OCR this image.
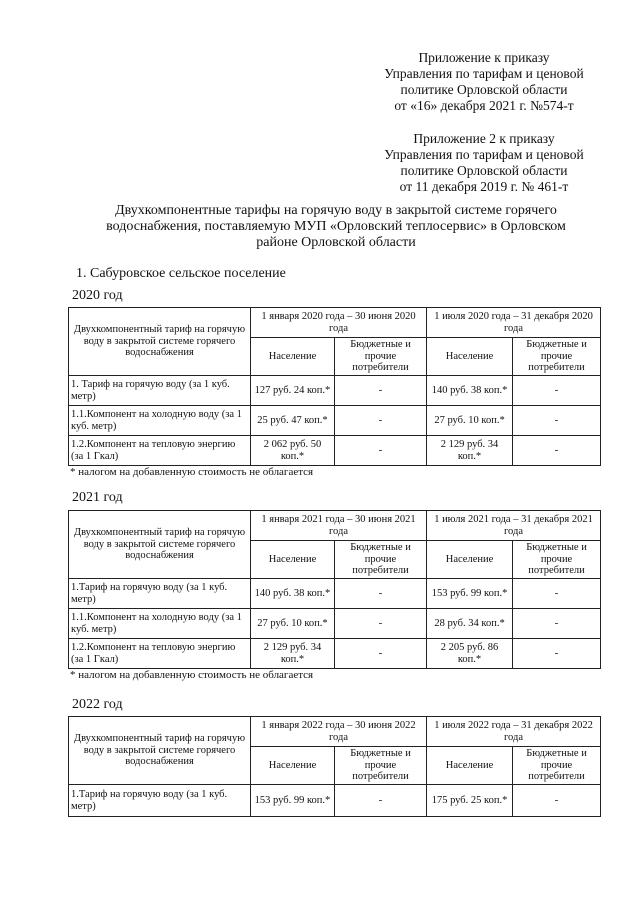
Приложение к приказу
Управления по тарифам и ценовой
политике Орловской области
от «16» декабря 2021 г. №574-т
Приложение 2 к приказу
Управления по тарифам и ценовой
политике Орловской области
от 11 декабря 2019 г. № 461-т
Двухкомпонентные тарифы на горячую воду в закрытой системе горячего
водоснабжения, поставляемую МУП «Орловский теплосервис» в Орловском
районе Орловской области
1. Сабуровское сельское поселение
2020 год
Двухкомпонентный тариф на горячую воду в закрытой системе горячего водоснабжения	1 января 2020 года – 30 июня 2020 года		1 июля 2020 года – 31 декабря 2020 года	
	Население	Бюджетные и прочие потребители	Население	Бюджетные и прочие потребители
1. Тариф на горячую воду (за 1 куб. метр)	127 руб. 24 коп.*	-	140 руб. 38 коп.*	-
1.1.Компонент на холодную воду (за 1 куб. метр)	25 руб. 47 коп.*	-	27 руб. 10 коп.*	-
1.2.Компонент на тепловую энергию (за 1 Гкал)	2 062 руб. 50 коп.*	-	2 129 руб. 34 коп.*	-
* налогом на добавленную стоимость не облагается
2021 год
Двухкомпонентный тариф на горячую воду в закрытой системе горячего водоснабжения	1 января 2021 года – 30 июня 2021 года		1 июля 2021 года – 31 декабря 2021 года	
	Население	Бюджетные и прочие потребители	Население	Бюджетные и прочие потребители
1.Тариф на горячую воду (за 1 куб. метр)	140 руб. 38 коп.*	-	153 руб. 99 коп.*	-
1.1.Компонент на холодную воду (за 1 куб. метр)	27 руб. 10 коп.*	-	28 руб. 34 коп.*	-
1.2.Компонент на тепловую энергию (за 1 Гкал)	2 129 руб. 34 коп.*	-	2 205 руб. 86 коп.*	-
* налогом на добавленную стоимость не облагается
2022 год
Двухкомпонентный тариф на горячую воду в закрытой системе горячего водоснабжения	1 января 2022 года – 30 июня 2022 года		1 июля 2022 года – 31 декабря 2022 года	
	Население	Бюджетные и прочие потребители	Население	Бюджетные и прочие потребители
1.Тариф на горячую воду (за 1 куб. метр)	153 руб. 99 коп.*	-	175 руб. 25 коп.*	-
